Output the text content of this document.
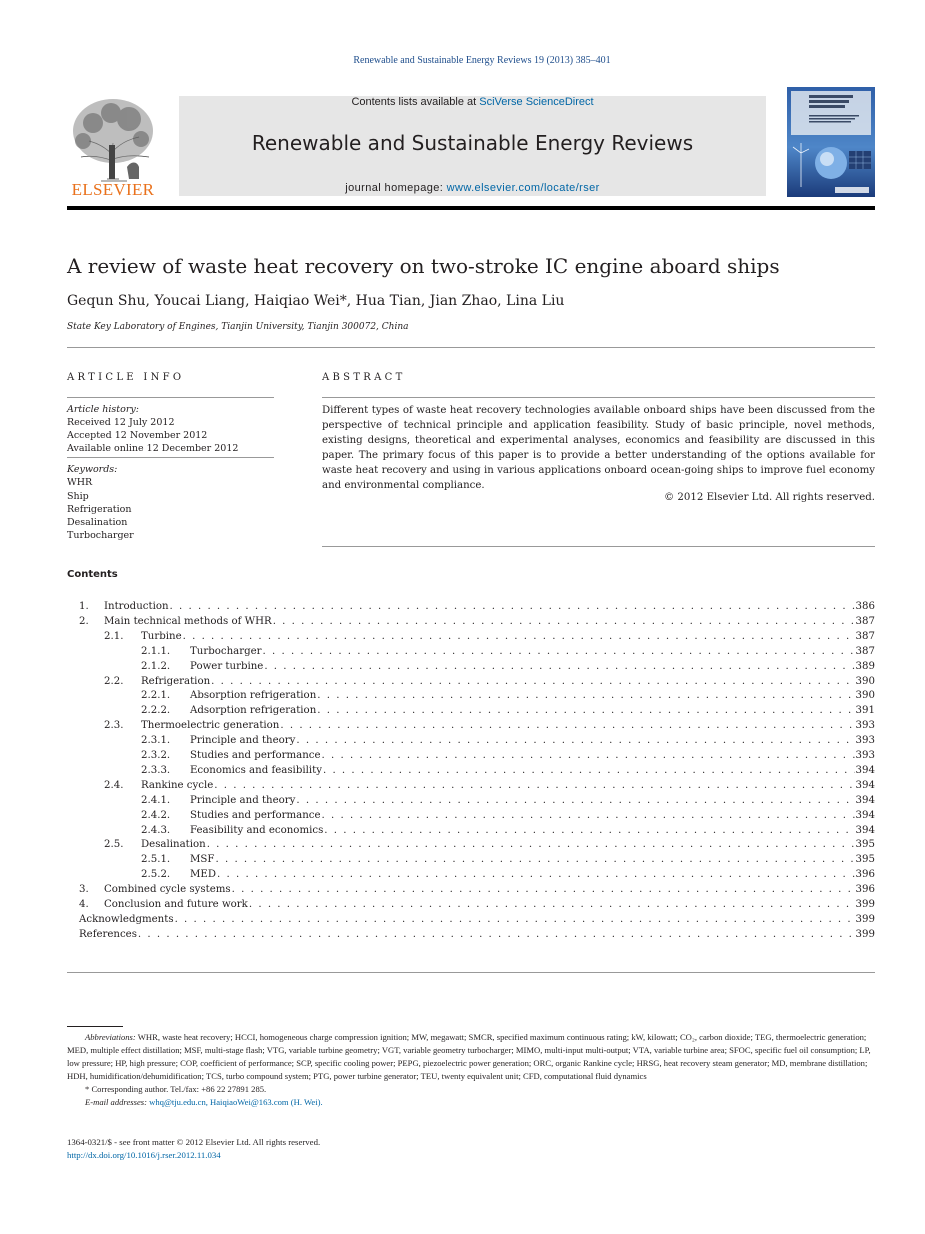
Renewable and Sustainable Energy Reviews 19 (2013) 385–401
ELSEVIER
Contents lists available at SciVerse ScienceDirect
Renewable and Sustainable Energy Reviews
journal homepage: www.elsevier.com/locate/rser
A review of waste heat recovery on two-stroke IC engine aboard ships
Gequn Shu, Youcai Liang, Haiqiao Wei*, Hua Tian, Jian Zhao, Lina Liu
State Key Laboratory of Engines, Tianjin University, Tianjin 300072, China
ARTICLE INFO
Article history:
Received 12 July 2012
Accepted 12 November 2012
Available online 12 December 2012
Keywords:
WHR
Ship
Refrigeration
Desalination
Turbocharger
ABSTRACT
Different types of waste heat recovery technologies available onboard ships have been discussed from the perspective of technical principle and application feasibility. Study of basic principle, novel methods, existing designs, theoretical and experimental analyses, economics and feasibility are discussed in this paper. The primary focus of this paper is to provide a better understanding of the options available for waste heat recovery and using in various applications onboard ocean-going ships to improve fuel economy and environmental compliance.
© 2012 Elsevier Ltd. All rights reserved.
Contents
1. Introduction . . .	386
2. Main technical methods of WHR . . .	387
2.1. Turbine . . .	387
2.1.1. Turbocharger . . .	387
2.1.2. Power turbine . . .	389
2.2. Refrigeration . . .	390
2.2.1. Absorption refrigeration . . .	390
2.2.2. Adsorption refrigeration . . .	391
2.3. Thermoelectric generation . . .	393
2.3.1. Principle and theory . . .	393
2.3.2. Studies and performance . . .	393
2.3.3. Economics and feasibility . . .	394
2.4. Rankine cycle . . .	394
2.4.1. Principle and theory . . .	394
2.4.2. Studies and performance . . .	394
2.4.3. Feasibility and economics . . .	394
2.5. Desalination . . .	395
2.5.1. MSF . . .	395
2.5.2. MED . . .	396
3. Combined cycle systems . . .	396
4. Conclusion and future work . . .	399
Acknowledgments . . .	399
References . . .	399

Abbreviations: WHR, waste heat recovery; HCCI, homogeneous charge compression ignition; MW, megawatt; SMCR, specified maximum continuous rating; kW, kilowatt; CO₂, carbon dioxide; TEG, thermoelectric generation; MED, multiple effect distillation; MSF, multi-stage flash; VTG, variable turbine geometry; VGT, variable geometry turbocharger; MIMO, multi-input multi-output; VTA, variable turbine area; SFOC, specific fuel oil consumption; LP, low pressure; HP, high pressure; COP, coefficient of performance; SCP, specific cooling power; PEPG, piezoelectric power generation; ORC, organic Rankine cycle; HRSG, heat recovery steam generator; MD, membrane distillation; HDH, humidification/dehumidification; TCS, turbo compound system; PTG, power turbine generator; TEU, twenty equivalent unit; CFD, computational fluid dynamics

* Corresponding author. Tel./fax: +86 22 27891 285.

E-mail addresses: whq@tju.edu.cn, HaiqiaoWei@163.com (H. Wei).

1364-0321/$ - see front matter © 2012 Elsevier Ltd. All rights reserved.
http://dx.doi.org/10.1016/j.rser.2012.11.034
